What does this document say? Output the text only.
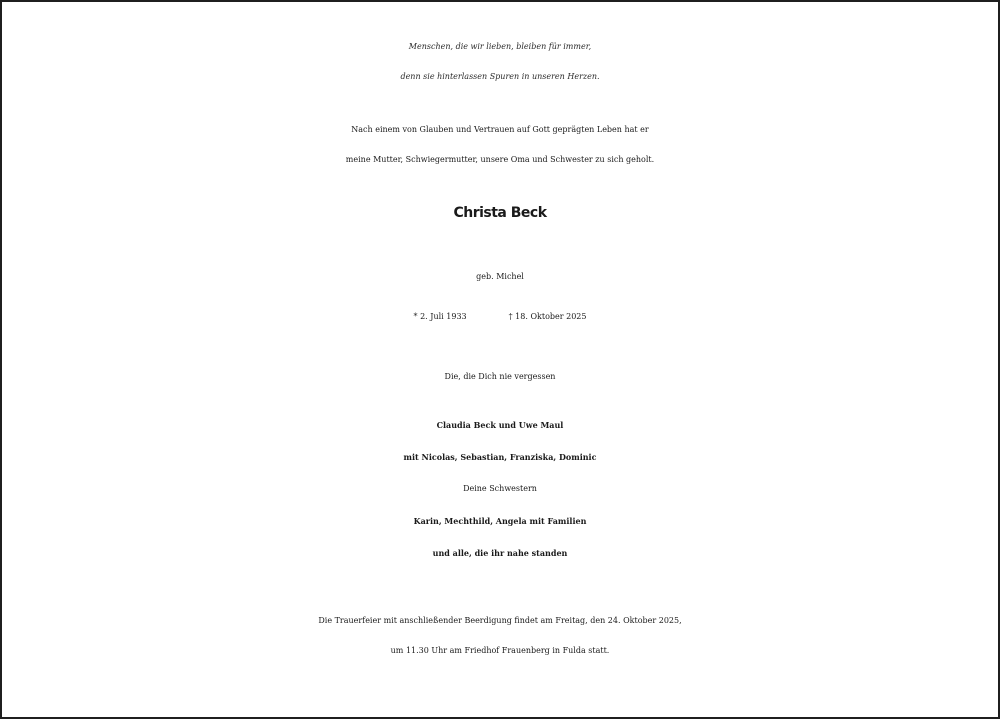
Menschen, die wir lieben, bleiben für immer,
denn sie hinterlassen Spuren in unseren Herzen.
Nach einem von Glauben und Vertrauen auf Gott geprägten Leben hat er
meine Mutter, Schwiegermutter, unsere Oma und Schwester zu sich geholt.
Christa Beck
geb. Michel
* 2. Juli 1933	† 18. Oktober 2025
Die, die Dich nie vergessen
Claudia Beck und Uwe Maul
mit Nicolas, Sebastian, Franziska, Dominic
Deine Schwestern
Karin, Mechthild, Angela mit Familien
und alle, die ihr nahe standen
Die Trauerfeier mit anschließender Beerdigung findet am Freitag, den 24. Oktober 2025,
um 11.30 Uhr am Friedhof Frauenberg in Fulda statt.
